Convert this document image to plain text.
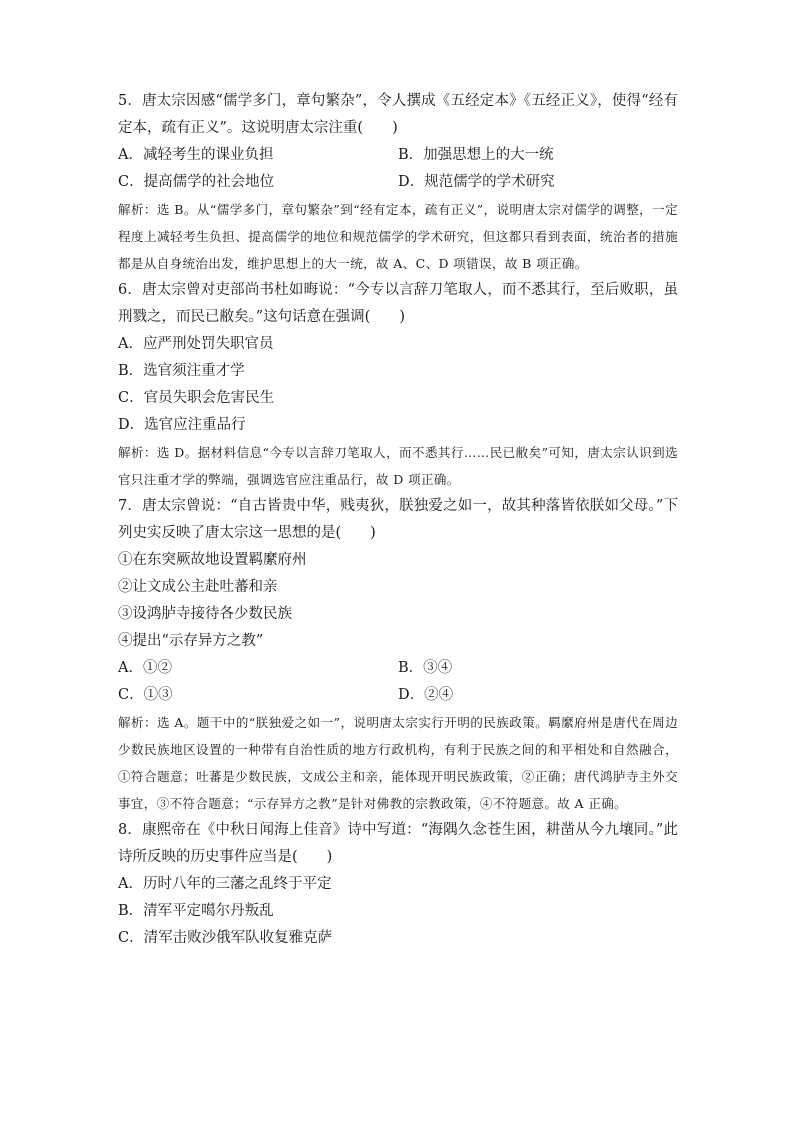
5．唐太宗因感“儒学多门，章句繁杂”，令人撰成《五经定本》《五经正义》，使得“经有定本，疏有正义”。这说明唐太宗注重(　　)

A．减轻考生的课业负担	B．加强思想上的大一统
C．提高儒学的社会地位	D．规范儒学的学术研究

解析：选 B。从“儒学多门，章句繁杂”到“经有定本，疏有正义”，说明唐太宗对儒学的调整，一定程度上减轻考生负担、提高儒学的地位和规范儒学的学术研究，但这都只看到表面，统治者的措施都是从自身统治出发，维护思想上的大一统，故 A、C、D 项错误，故 B 项正确。

6．唐太宗曾对吏部尚书杜如晦说：“今专以言辞刀笔取人，而不悉其行，至后败职，虽刑戮之，而民已敝矣。”这句话意在强调(　　)

A．应严刑处罚失职官员

B．选官须注重才学

C．官员失职会危害民生

D．选官应注重品行

解析：选 D。据材料信息“今专以言辞刀笔取人，而不悉其行……民已敝矣”可知，唐太宗认识到选官只注重才学的弊端，强调选官应注重品行，故 D 项正确。

7．唐太宗曾说：“自古皆贵中华，贱夷狄，朕独爱之如一，故其种落皆依朕如父母。”下列史实反映了唐太宗这一思想的是(　　)

①在东突厥故地设置羁縻府州

②让文成公主赴吐蕃和亲

③设鸿胪寺接待各少数民族

④提出“示存异方之教”

A．①②	B．③④
C．①③	D．②④

解析：选 A。题干中的“朕独爱之如一”，说明唐太宗实行开明的民族政策。羁縻府州是唐代在周边少数民族地区设置的一种带有自治性质的地方行政机构，有利于民族之间的和平相处和自然融合，①符合题意；吐蕃是少数民族，文成公主和亲，能体现开明民族政策，②正确；唐代鸿胪寺主外交事宜，③不符合题意；“示存异方之教”是针对佛教的宗教政策，④不符题意。故 A 正确。

8．康熙帝在《中秋日闻海上佳音》诗中写道：“海隅久念苍生困，耕凿从今九壤同。”此诗所反映的历史事件应当是(　　)

A．历时八年的三藩之乱终于平定

B．清军平定噶尔丹叛乱

C．清军击败沙俄军队收复雅克萨
